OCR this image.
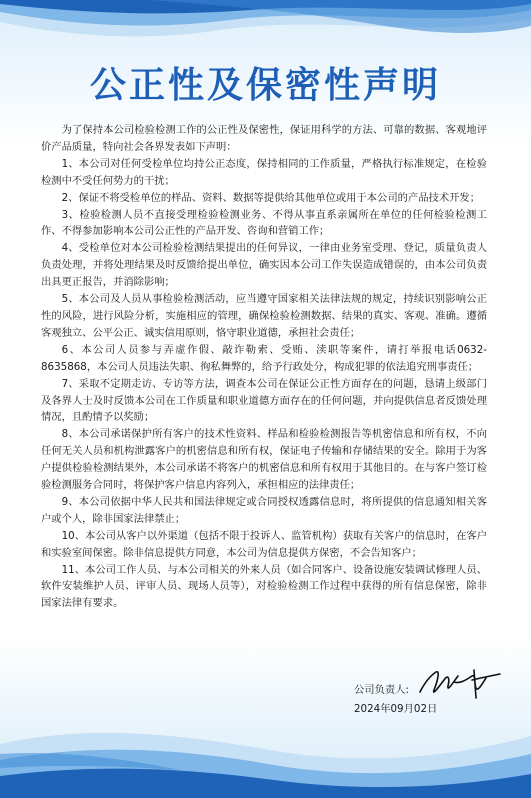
公正性及保密性声明

为了保持本公司检验检测工作的公正性及保密性，保证用科学的方法、可靠的数据、客观地评价产品质量，特向社会各界发表如下声明：

1、本公司对任何受检单位均持公正态度，保持相同的工作质量，严格执行标准规定，在检验检测中不受任何势力的干扰；

2、保证不将受检单位的样品、资料、数据等提供给其他单位或用于本公司的产品技术开发；

3、检验检测人员不直接受理检验检测业务、不得从事直系亲属所在单位的任何检验检测工作、不得参加影响本公司公正性的产品开发、咨询和营销工作；

4、受检单位对本公司检验检测结果提出的任何异议，一律由业务室受理、登记，质量负责人负责处理，并将处理结果及时反馈给提出单位，确实因本公司工作失误造成错误的，由本公司负责出具更正报告，并消除影响；

5、本公司及人员从事检验检测活动，应当遵守国家相关法律法规的规定，持续识别影响公正性的风险，进行风险分析，实施相应的管理，确保检验检测数据、结果的真实、客观、准确。遵循客观独立、公平公正、诚实信用原则，恪守职业道德，承担社会责任；

6、本公司人员参与弄虚作假、敲诈勒索、受贿、渎职等案件，请打举报电话0632-8635868，本公司人员违法失职、徇私舞弊的，给予行政处分，构成犯罪的依法追究刑事责任；

7、采取不定期走访、专访等方法，调查本公司在保证公正性方面存在的问题，恳请上级部门及各界人士及时反馈本公司在工作质量和职业道德方面存在的任何问题，并向提供信息者反馈处理情况，且酌情予以奖励；

8、本公司承诺保护所有客户的技术性资料、样品和检验检测报告等机密信息和所有权，不向任何无关人员和机构泄露客户的机密信息和所有权，保证电子传输和存储结果的安全。除用于为客户提供检验检测结果外，本公司承诺不将客户的机密信息和所有权用于其他目的。在与客户签订检验检测服务合同时，将保护客户信息内容列入，承担相应的法律责任；

9、本公司依据中华人民共和国法律规定或合同授权透露信息时，将所提供的信息通知相关客户或个人，除非国家法律禁止；

10、本公司从客户以外渠道（包括不限于投诉人、监管机构）获取有关客户的信息时，在客户和实验室间保密。除非信息提供方同意，本公司为信息提供方保密，不会告知客户；

11、本公司工作人员、与本公司相关的外来人员（如合同客户、设备设施安装调试修理人员、软件安装维护人员、评审人员、现场人员等），对检验检测工作过程中获得的所有信息保密，除非国家法律有要求。

公司负责人:
2024年09月02日
